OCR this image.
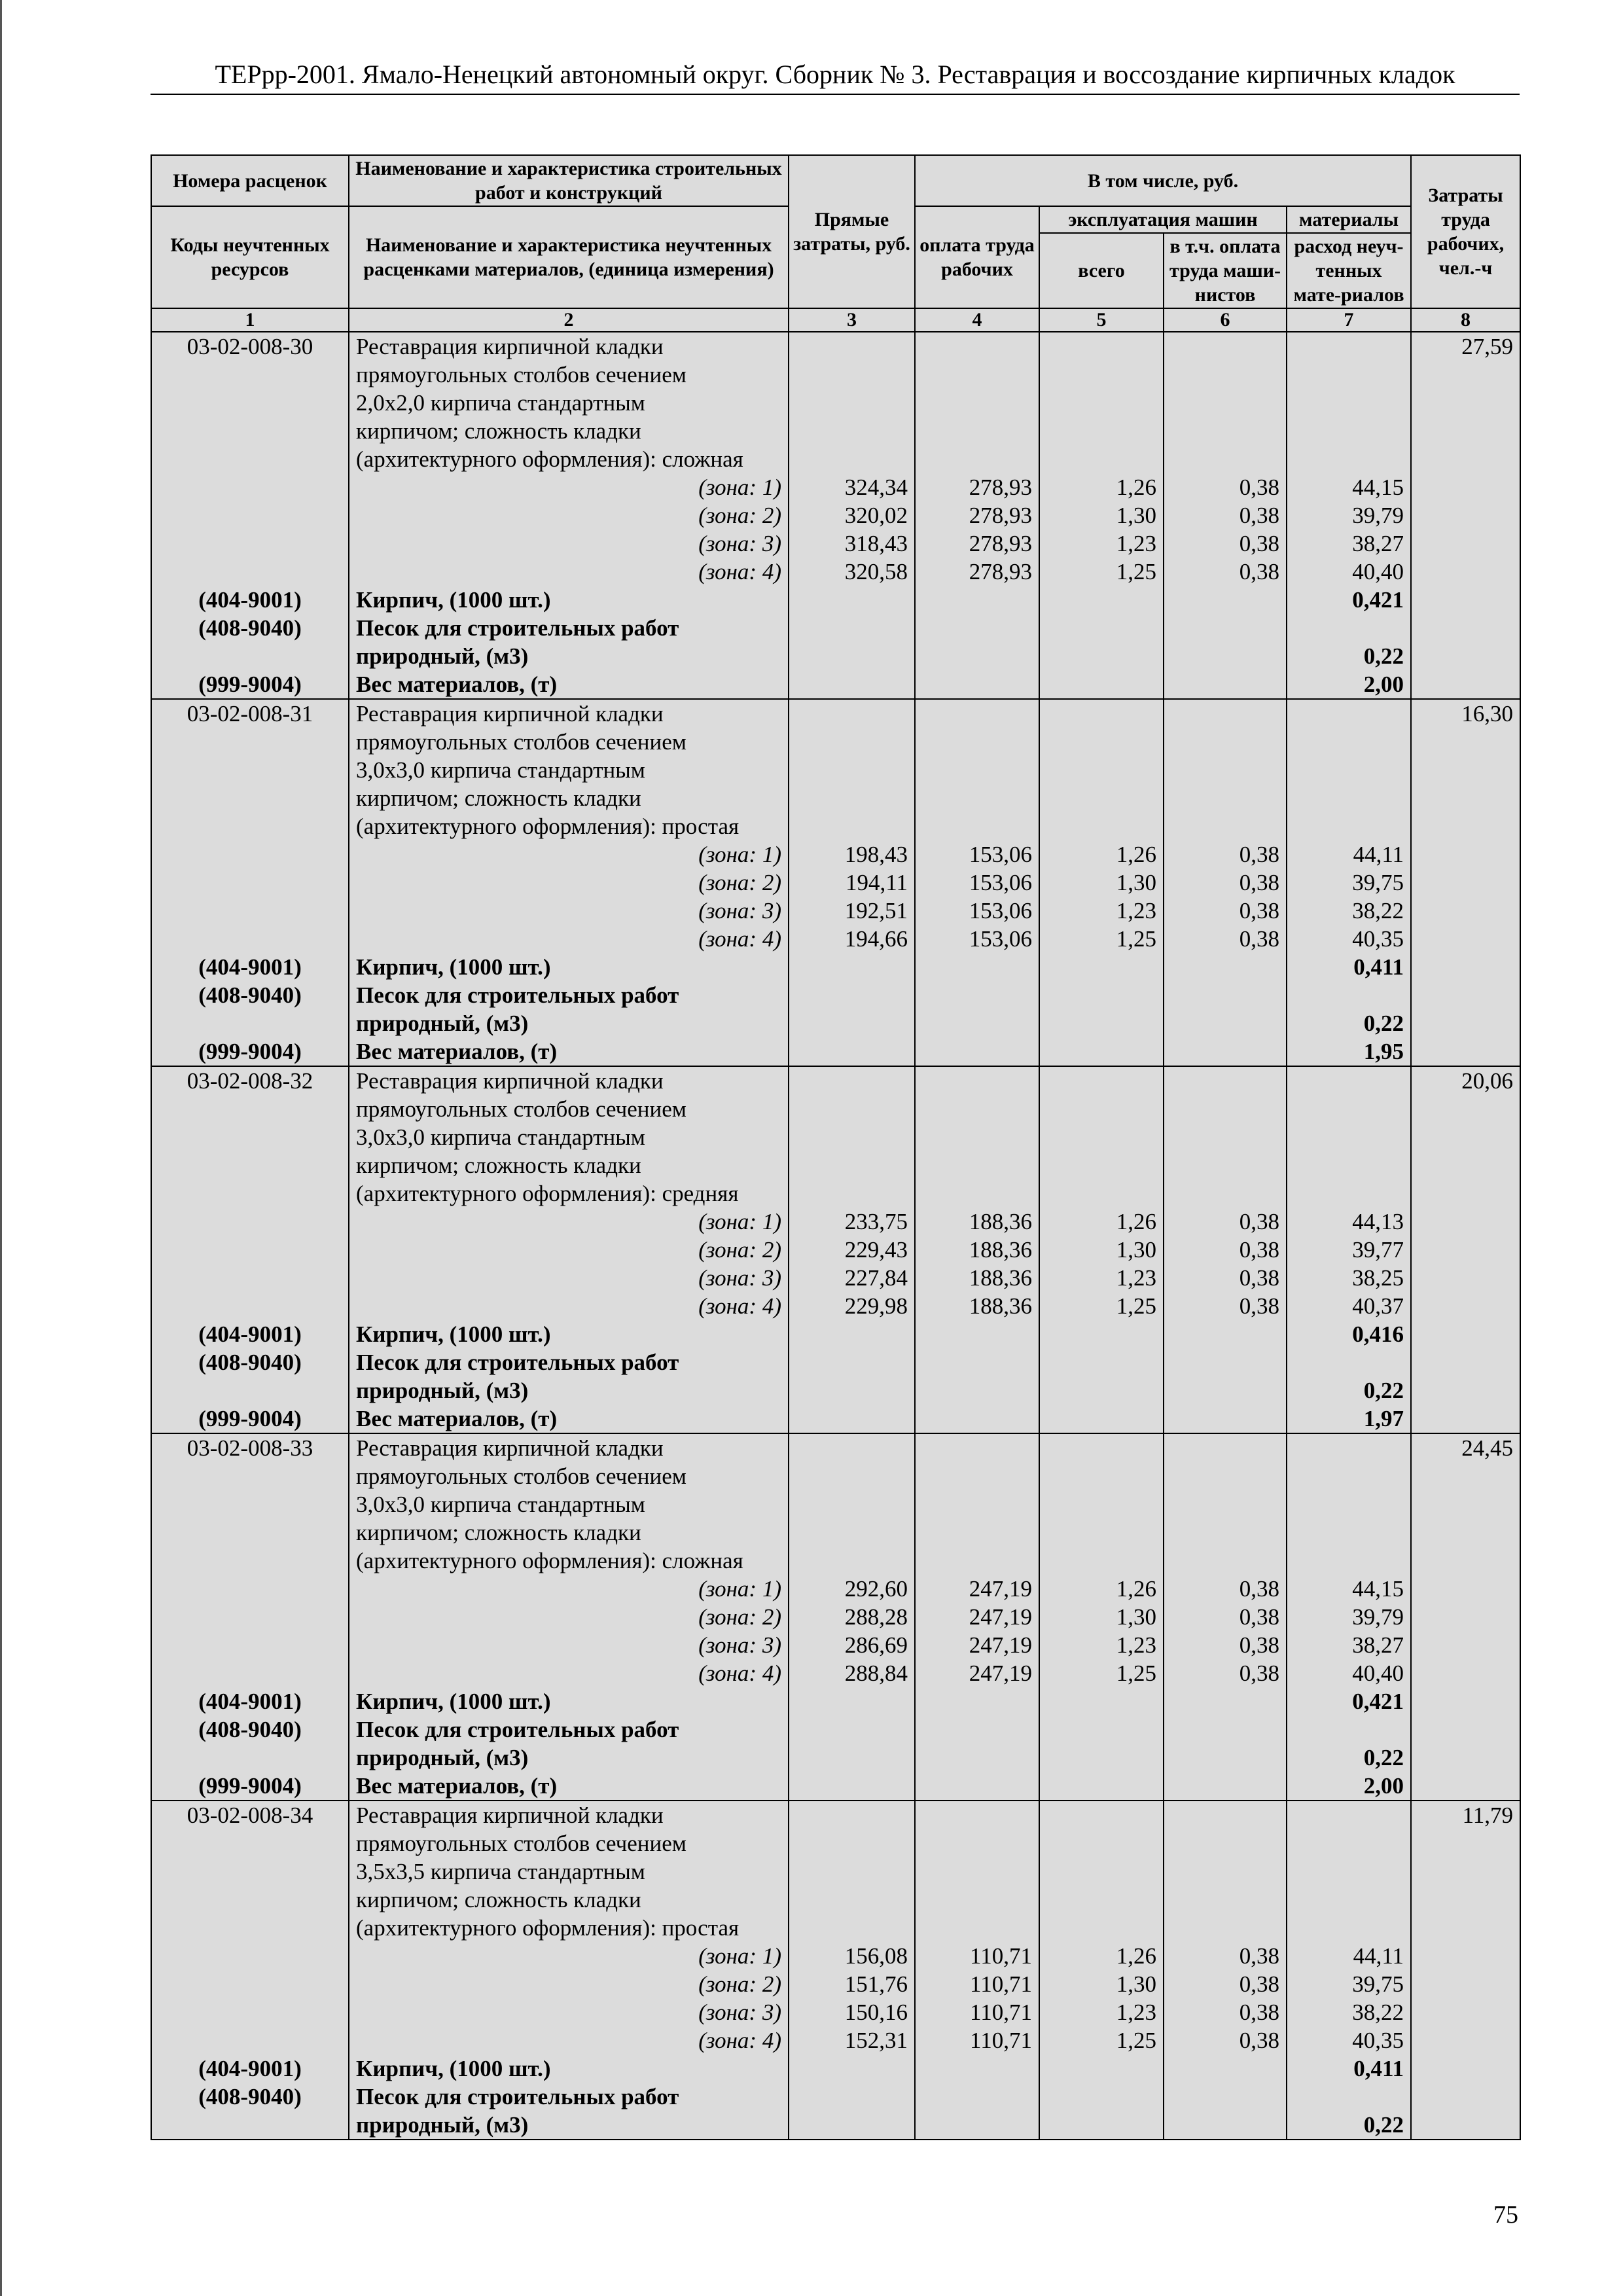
ТЕРрр-2001. Ямало-Ненецкий автономный округ. Сборник № 3. Реставрация и воссоздание кирпичных кладок
Номера расценок	Наименование и характеристика строительных работ и конструкций	Прямые затраты, руб.	В том числе, руб.				Затраты труда рабочих, чел.-ч
Коды неучтенных ресурсов	Наименование и характеристика неучтенных расценками материалов, (единица измерения)		оплата труда рабочих	эксплуатация машин		материалы	
				всего	в т.ч. оплата труда маши-нистов	расход неуч-тенных мате-риалов	
1	2	3	4	5	6	7	8
03-02-008-30	Реставрация кирпичной кладки						27,59
	прямоугольных столбов сечением						
	2,0х2,0 кирпича стандартным						
	кирпичом; сложность кладки						
	(архитектурного оформления): сложная						
	(зона: 1)	324,34	278,93	1,26	0,38	44,15	
	(зона: 2)	320,02	278,93	1,30	0,38	39,79	
	(зона: 3)	318,43	278,93	1,23	0,38	38,27	
	(зона: 4)	320,58	278,93	1,25	0,38	40,40	
(404-9001)	Кирпич, (1000 шт.)					0,421	
(408-9040)	Песок для строительных работ						
	природный, (м3)					0,22	
(999-9004)	Вес материалов, (т)					2,00	
03-02-008-31	Реставрация кирпичной кладки						16,30
	прямоугольных столбов сечением						
	3,0х3,0 кирпича стандартным						
	кирпичом; сложность кладки						
	(архитектурного оформления): простая						
	(зона: 1)	198,43	153,06	1,26	0,38	44,11	
	(зона: 2)	194,11	153,06	1,30	0,38	39,75	
	(зона: 3)	192,51	153,06	1,23	0,38	38,22	
	(зона: 4)	194,66	153,06	1,25	0,38	40,35	
(404-9001)	Кирпич, (1000 шт.)					0,411	
(408-9040)	Песок для строительных работ						
	природный, (м3)					0,22	
(999-9004)	Вес материалов, (т)					1,95	
03-02-008-32	Реставрация кирпичной кладки						20,06
	прямоугольных столбов сечением						
	3,0х3,0 кирпича стандартным						
	кирпичом; сложность кладки						
	(архитектурного оформления): средняя						
	(зона: 1)	233,75	188,36	1,26	0,38	44,13	
	(зона: 2)	229,43	188,36	1,30	0,38	39,77	
	(зона: 3)	227,84	188,36	1,23	0,38	38,25	
	(зона: 4)	229,98	188,36	1,25	0,38	40,37	
(404-9001)	Кирпич, (1000 шт.)					0,416	
(408-9040)	Песок для строительных работ						
	природный, (м3)					0,22	
(999-9004)	Вес материалов, (т)					1,97	
03-02-008-33	Реставрация кирпичной кладки						24,45
	прямоугольных столбов сечением						
	3,0х3,0 кирпича стандартным						
	кирпичом; сложность кладки						
	(архитектурного оформления): сложная						
	(зона: 1)	292,60	247,19	1,26	0,38	44,15	
	(зона: 2)	288,28	247,19	1,30	0,38	39,79	
	(зона: 3)	286,69	247,19	1,23	0,38	38,27	
	(зона: 4)	288,84	247,19	1,25	0,38	40,40	
(404-9001)	Кирпич, (1000 шт.)					0,421	
(408-9040)	Песок для строительных работ						
	природный, (м3)					0,22	
(999-9004)	Вес материалов, (т)					2,00	
03-02-008-34	Реставрация кирпичной кладки						11,79
	прямоугольных столбов сечением						
	3,5х3,5 кирпича стандартным						
	кирпичом; сложность кладки						
	(архитектурного оформления): простая						
	(зона: 1)	156,08	110,71	1,26	0,38	44,11	
	(зона: 2)	151,76	110,71	1,30	0,38	39,75	
	(зона: 3)	150,16	110,71	1,23	0,38	38,22	
	(зона: 4)	152,31	110,71	1,25	0,38	40,35	
(404-9001)	Кирпич, (1000 шт.)					0,411	
(408-9040)	Песок для строительных работ						
	природный, (м3)					0,22	
75
